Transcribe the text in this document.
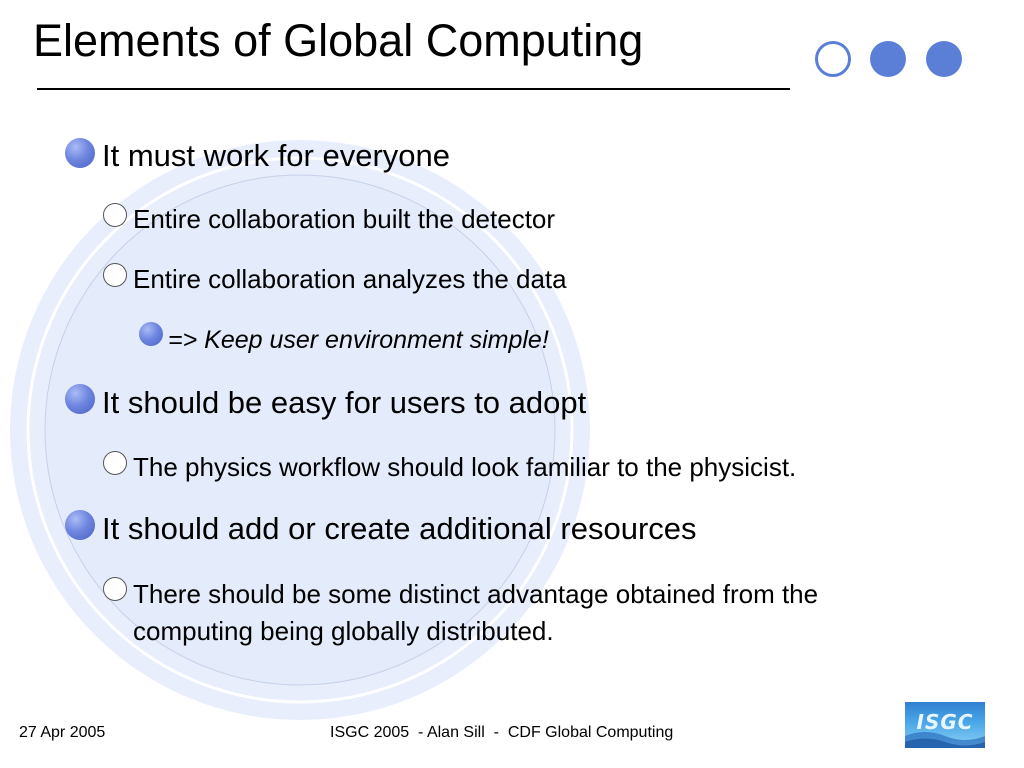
Elements of Global Computing
It must work for everyone
Entire collaboration built the detector
Entire collaboration analyzes the data
=> Keep user environment simple!
It should be easy for users to adopt
The physics workflow should look familiar to the physicist.
It should add or create additional resources
There should be some distinct advantage obtained from the
computing being globally distributed.
27 Apr 2005	ISGC 2005  - Alan Sill  -  CDF Global Computing	ISGC
